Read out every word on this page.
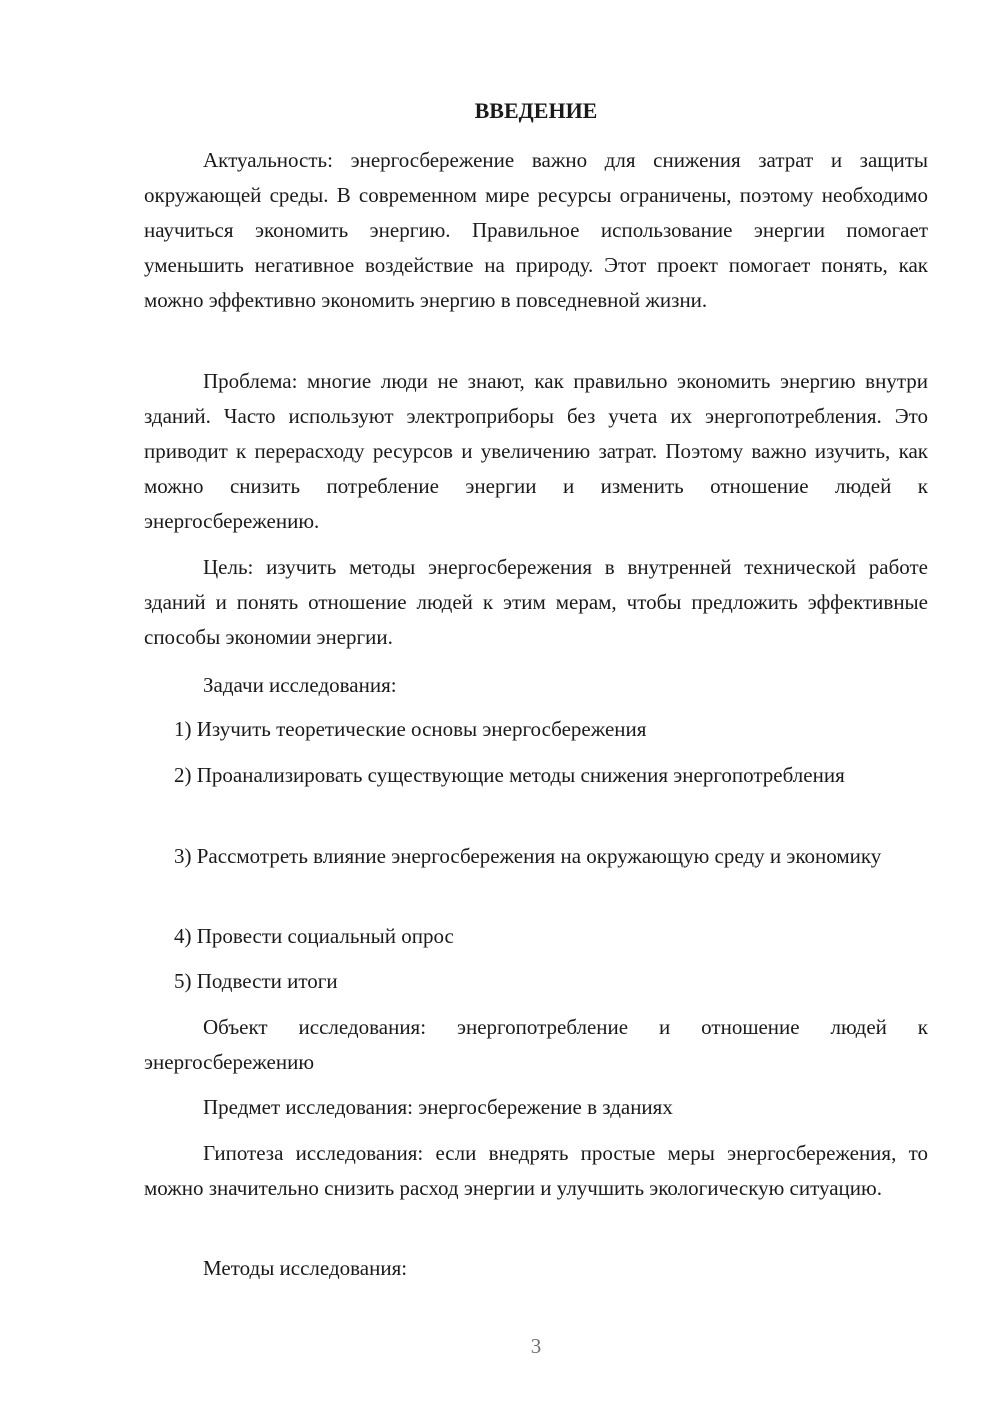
ВВЕДЕНИЕ

Актуальность: энергосбережение важно для снижения затрат и защиты окружающей среды. В современном мире ресурсы ограничены, поэтому необходимо научиться экономить энергию. Правильное использование энергии помогает уменьшить негативное воздействие на природу. Этот проект помогает понять, как можно эффективно экономить энергию в повседневной жизни.

Проблема: многие люди не знают, как правильно экономить энергию внутри зданий. Часто используют электроприборы без учета их энергопотребления. Это приводит к перерасходу ресурсов и увеличению затрат. Поэтому важно изучить, как можно снизить потребление энергии и изменить отношение людей к энергосбережению.

Цель: изучить методы энергосбережения в внутренней технической работе зданий и понять отношение людей к этим мерам, чтобы предложить эффективные способы экономии энергии.

Задачи исследования:

1) Изучить теоретические основы энергосбережения

2) Проанализировать существующие методы снижения энергопотребления

3) Рассмотреть влияние энергосбережения на окружающую среду и экономику

4) Провести социальный опрос

5) Подвести итоги

Объект исследования: энергопотребление и отношение людей к энергосбережению

Предмет исследования: энергосбережение в зданиях

Гипотеза исследования: если внедрять простые меры энергосбережения, то можно значительно снизить расход энергии и улучшить экологическую ситуацию.

Методы исследования:

3
